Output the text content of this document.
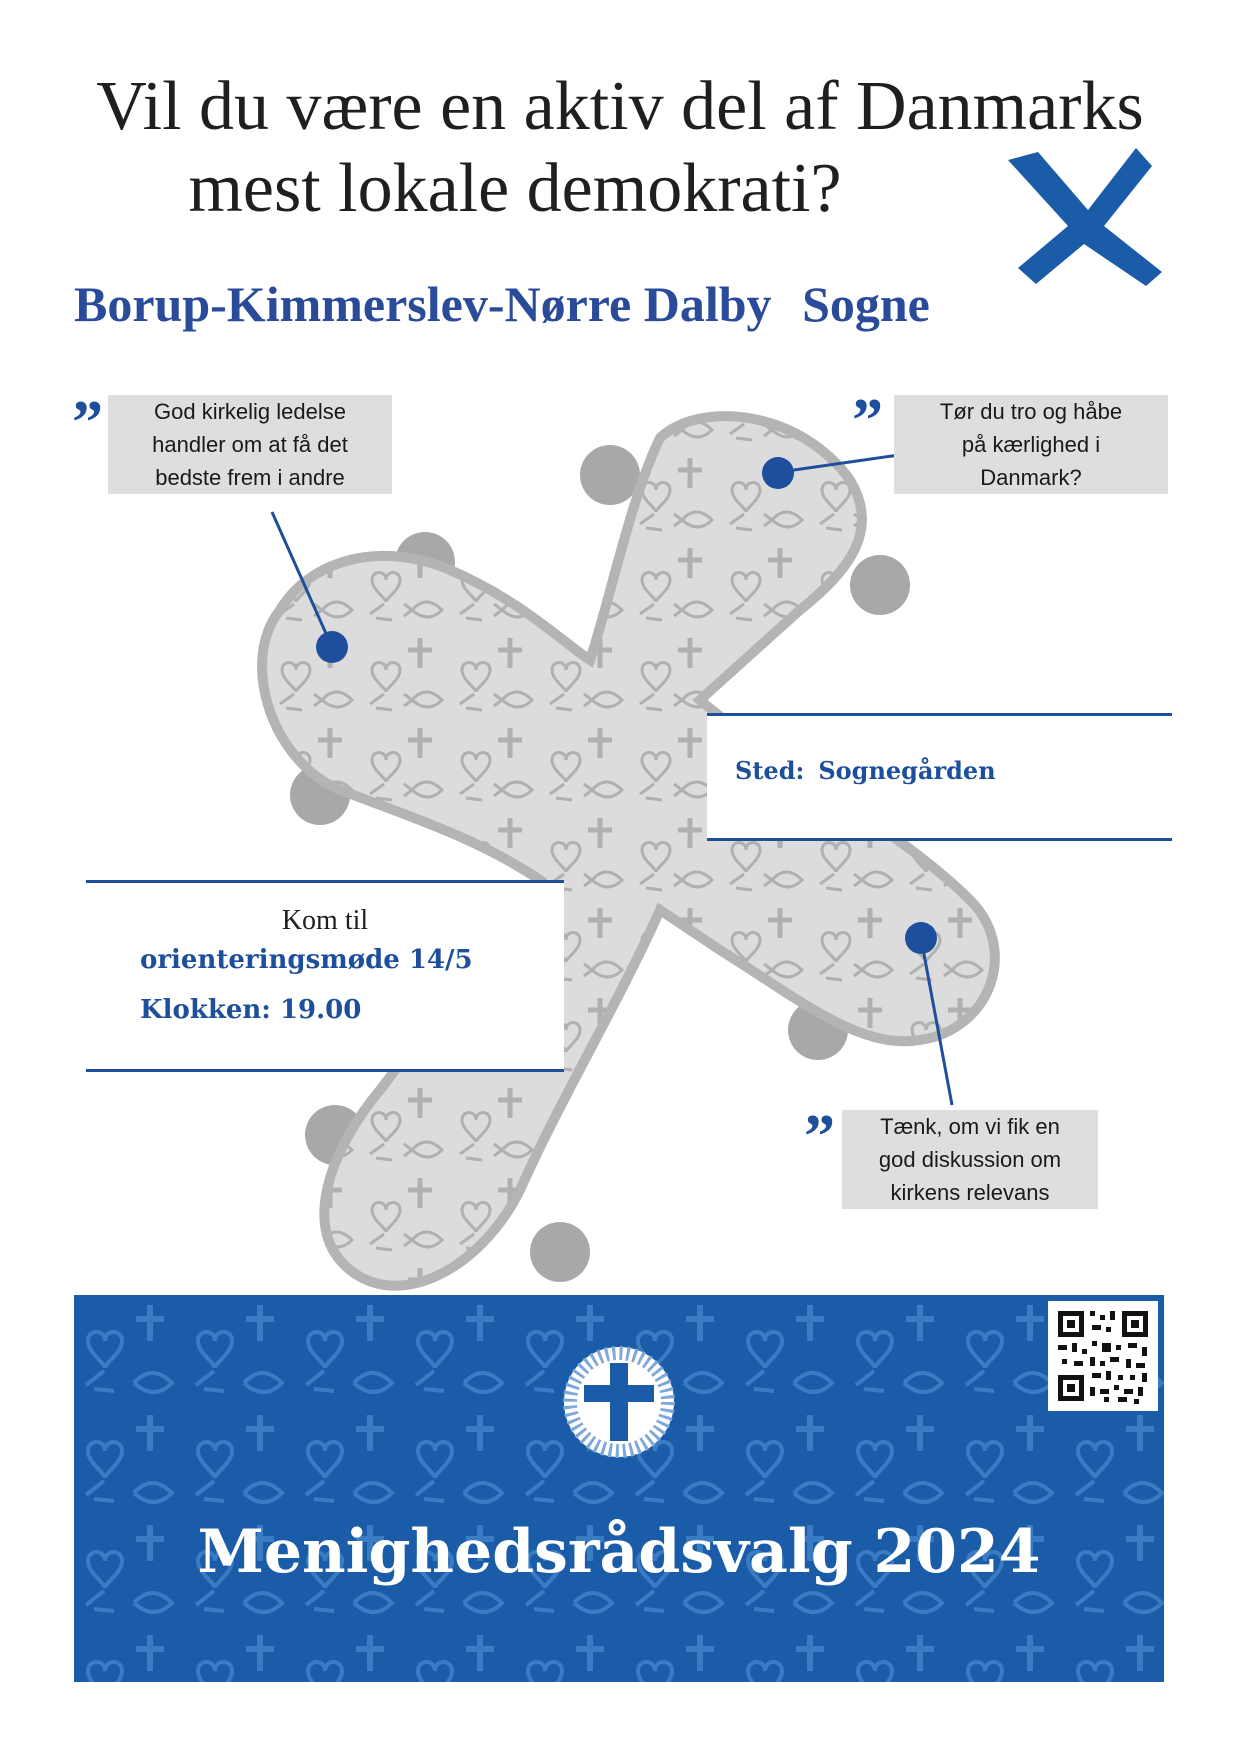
Vil du være en aktiv del af Danmarks
mest lokale demokrati?
Borup-Kimmerslev-Nørre Dalby Sogne
”	God kirkelig ledelse
handler om at få det
bedste frem i andre
”	Tør du tro og håbe
på kærlighed i
Danmark?
”	Tænk, om vi fik en
god diskussion om
kirkens relevans
Sted: Sognegården
Kom til
orienteringsmøde 14/5
Klokken: 19.00
Menighedsrådsvalg 2024
